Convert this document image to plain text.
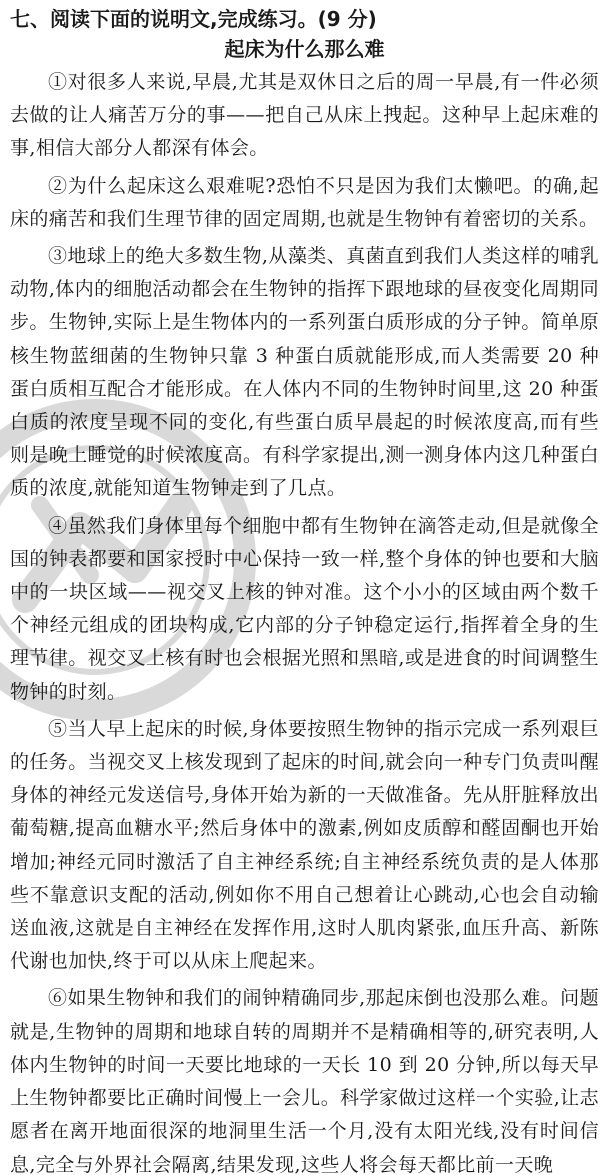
七、阅读下面的说明文,完成练习。(9 分)
起床为什么那么难

①对很多人来说,早晨,尤其是双休日之后的周一早晨,有一件必须去做的让人痛苦万分的事——把自己从床上拽起。这种早上起床难的事,相信大部分人都深有体会。

②为什么起床这么艰难呢?恐怕不只是因为我们太懒吧。的确,起床的痛苦和我们生理节律的固定周期,也就是生物钟有着密切的关系。

③地球上的绝大多数生物,从藻类、真菌直到我们人类这样的哺乳动物,体内的细胞活动都会在生物钟的指挥下跟地球的昼夜变化周期同步。生物钟,实际上是生物体内的一系列蛋白质形成的分子钟。简单原核生物蓝细菌的生物钟只靠 3 种蛋白质就能形成,而人类需要 20 种蛋白质相互配合才能形成。在人体内不同的生物钟时间里,这 20 种蛋白质的浓度呈现不同的变化,有些蛋白质早晨起的时候浓度高,而有些则是晚上睡觉的时候浓度高。有科学家提出,测一测身体内这几种蛋白质的浓度,就能知道生物钟走到了几点。

④虽然我们身体里每个细胞中都有生物钟在滴答走动,但是就像全国的钟表都要和国家授时中心保持一致一样,整个身体的钟也要和大脑中的一块区域——视交叉上核的钟对准。这个小小的区域由两个数千个神经元组成的团块构成,它内部的分子钟稳定运行,指挥着全身的生理节律。视交叉上核有时也会根据光照和黑暗,或是进食的时间调整生物钟的时刻。

⑤当人早上起床的时候,身体要按照生物钟的指示完成一系列艰巨的任务。当视交叉上核发现到了起床的时间,就会向一种专门负责叫醒身体的神经元发送信号,身体开始为新的一天做准备。先从肝脏释放出葡萄糖,提高血糖水平;然后身体中的激素,例如皮质醇和醛固酮也开始增加;神经元同时激活了自主神经系统;自主神经系统负责的是人体那些不靠意识支配的活动,例如你不用自己想着让心跳动,心也会自动输送血液,这就是自主神经在发挥作用,这时人肌肉紧张,血压升高、新陈代谢也加快,终于可以从床上爬起来。

⑥如果生物钟和我们的闹钟精确同步,那起床倒也没那么难。问题就是,生物钟的周期和地球自转的周期并不是精确相等的,研究表明,人体内生物钟的时间一天要比地球的一天长 10 到 20 分钟,所以每天早上生物钟都要比正确时间慢上一会儿。科学家做过这样一个实验,让志愿者在离开地面很深的地洞里生活一个月,没有太阳光线,没有时间信息,完全与外界社会隔离,结果发现,这些人将会每天都比前一天晚
